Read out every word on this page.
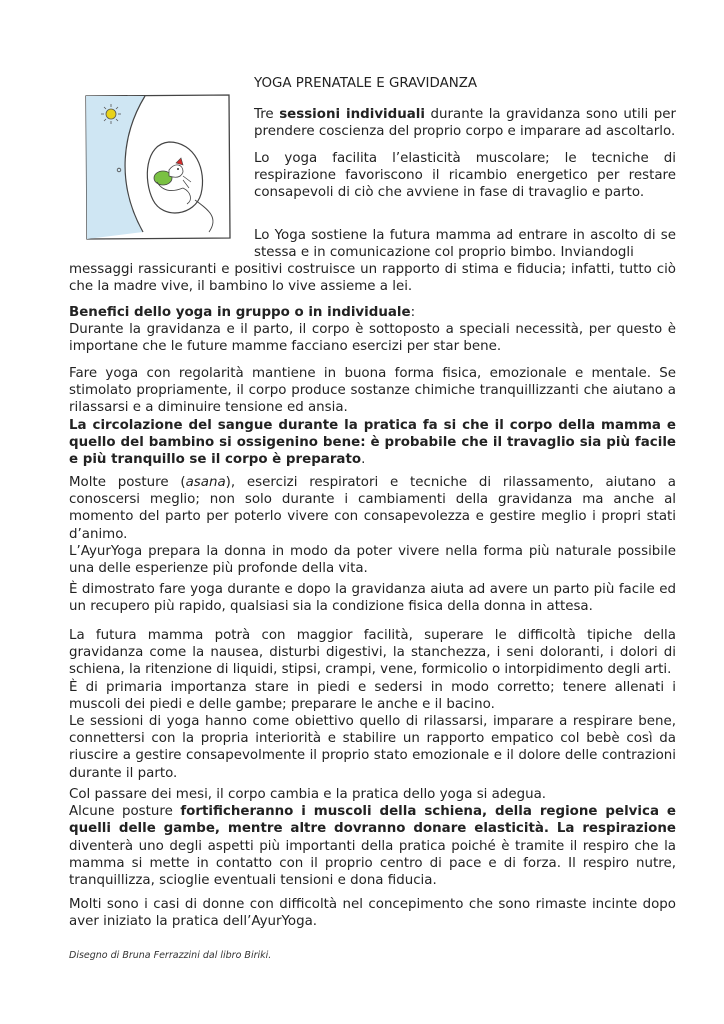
YOGA PRENATALE E GRAVIDANZA
Tre sessioni individuali durante la gravidanza sono utili per prendere coscienza del proprio corpo e imparare ad ascoltarlo.
Lo yoga facilita l’elasticità muscolare; le tecniche di respirazione favoriscono il ricambio energetico per restare consapevoli di ciò che avviene in fase di travaglio e parto.
Lo Yoga sostiene la futura mamma ad entrare in ascolto di se stessa e in comunicazione col proprio bimbo. Inviandogli
messaggi rassicuranti e positivi costruisce un rapporto di stima e fiducia; infatti, tutto ciò che la madre vive, il bambino lo vive assieme a lei.
Benefici dello yoga in gruppo o in individuale:
Durante la gravidanza e il parto, il corpo è sottoposto a speciali necessità, per questo è importane che le future mamme facciano esercizi per star bene.
Fare yoga con regolarità mantiene in buona forma fisica, emozionale e mentale. Se stimolato propriamente, il corpo produce sostanze chimiche tranquillizzanti che aiutano a rilassarsi e a diminuire tensione ed ansia.
La circolazione del sangue durante la pratica fa si che il corpo della mamma e quello del bambino si ossigenino bene: è probabile che il travaglio sia più facile e più tranquillo se il corpo è preparato.
Molte posture (asana), esercizi respiratori e tecniche di rilassamento, aiutano a conoscersi meglio; non solo durante i cambiamenti della gravidanza ma anche al momento del parto per poterlo vivere con consapevolezza e gestire meglio i propri stati d’animo.
L’AyurYoga prepara la donna in modo da poter vivere nella forma più naturale possibile una delle esperienze più profonde della vita.
È dimostrato fare yoga durante e dopo la gravidanza aiuta ad avere un parto più facile ed un recupero più rapido, qualsiasi sia la condizione fisica della donna in attesa.
La futura mamma potrà con maggior facilità, superare le difficoltà tipiche della gravidanza come la nausea, disturbi digestivi, la stanchezza, i seni doloranti, i dolori di schiena, la ritenzione di liquidi, stipsi, crampi, vene, formicolio o intorpidimento degli arti.
È di primaria importanza stare in piedi e sedersi in modo corretto; tenere allenati i muscoli dei piedi e delle gambe; preparare le anche e il bacino.
Le sessioni di yoga hanno come obiettivo quello di rilassarsi, imparare a respirare bene, connettersi con la propria interiorità e stabilire un rapporto empatico col bebè così da riuscire a gestire consapevolmente il proprio stato emozionale e il dolore delle contrazioni durante il parto.
Col passare dei mesi, il corpo cambia e la pratica dello yoga si adegua.
Alcune posture fortificheranno i muscoli della schiena, della regione pelvica e quelli delle gambe, mentre altre dovranno donare elasticità. La respirazione diventerà uno degli aspetti più importanti della pratica poiché è tramite il respiro che la mamma si mette in contatto con il proprio centro di pace e di forza. Il respiro nutre, tranquillizza, scioglie eventuali tensioni e dona fiducia.
Molti sono i casi di donne con difficoltà nel concepimento che sono rimaste incinte dopo aver iniziato la pratica dell’AyurYoga.
Disegno di Bruna Ferrazzini dal libro Biriki.
